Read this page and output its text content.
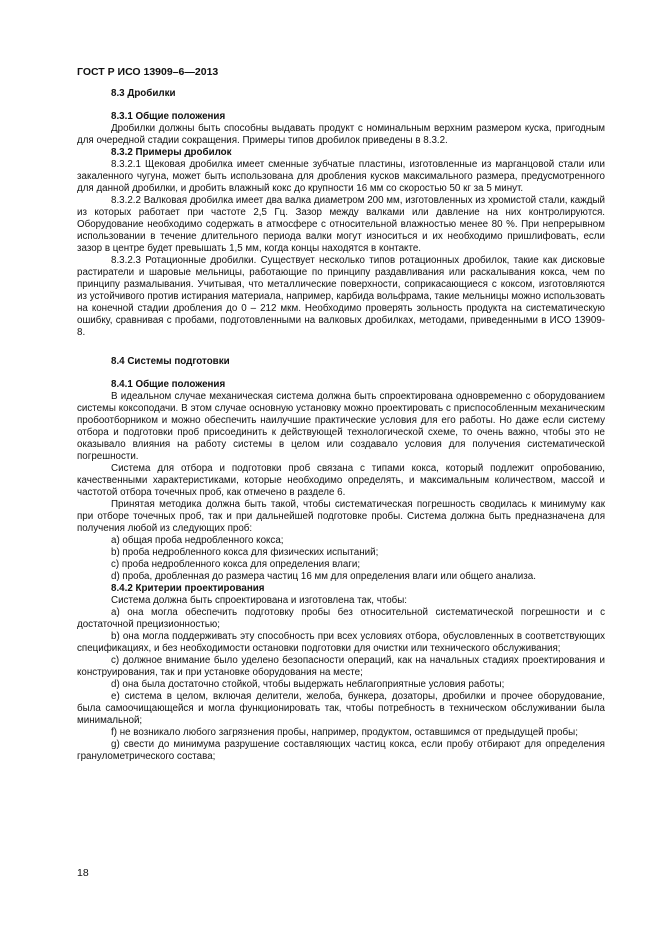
ГОСТ Р ИСО 13909–6—2013

8.3 Дробилки

8.3.1 Общие положения

Дробилки должны быть способны выдавать продукт с номинальным верхним размером куска, пригодным для очередной стадии сокращения. Примеры типов дробилок приведены в 8.3.2.

8.3.2 Примеры дробилок

8.3.2.1 Щековая дробилка имеет сменные зубчатые пластины, изготовленные из марганцовой стали или закаленного чугуна, может быть использована для дробления кусков максимального размера, предусмотренного для данной дробилки, и дробить влажный кокс до крупности 16 мм со скоростью 50 кг за 5 минут.

8.3.2.2 Валковая дробилка имеет два валка диаметром 200 мм, изготовленных из хромистой стали, каждый из которых работает при частоте 2,5 Гц. Зазор между валками или давление на них контролируются. Оборудование необходимо содержать в атмосфере с относительной влажностью менее 80 %. При непрерывном использовании в течение длительного периода валки могут износиться и их необходимо пришлифовать, если зазор в центре будет превышать 1,5 мм, когда концы находятся в контакте.

8.3.2.3 Ротационные дробилки. Существует несколько типов ротационных дробилок, такие как дисковые растиратели и шаровые мельницы, работающие по принципу раздавливания или раскалывания кокса, чем по принципу размалывания. Учитывая, что металлические поверхности, соприкасающиеся с коксом, изготовляются из устойчивого против истирания материала, например, карбида вольфрама, такие мельницы можно использовать на конечной стадии дробления до 0 – 212 мкм. Необходимо проверять зольность продукта на систематическую ошибку, сравнивая с пробами, подготовленными на валковых дробилках, методами, приведенными в ИСО 13909-8.

8.4 Системы подготовки

8.4.1 Общие положения

В идеальном случае механическая система должна быть спроектирована одновременно с оборудованием системы коксоподачи. В этом случае основную установку можно проектировать с приспособленным механическим пробоотборником и можно обеспечить наилучшие практические условия для его работы. Но даже если систему отбора и подготовки проб присоединить к действующей технологической схеме, то очень важно, чтобы это не оказывало влияния на работу системы в целом или создавало условия для получения систематической погрешности.

Система для отбора и подготовки проб связана с типами кокса, который подлежит опробованию, качественными характеристиками, которые необходимо определять, и максимальным количеством, массой и частотой отбора точечных проб, как отмечено в разделе 6.

Принятая методика должна быть такой, чтобы систематическая погрешность сводилась к минимуму как при отборе точечных проб, так и при дальнейшей подготовке пробы. Система должна быть предназначена для получения любой из следующих проб:

a) общая проба недробленного кокса;

b) проба недробленного кокса для физических испытаний;

c) проба недробленного кокса для определения влаги;

d) проба, дробленная до размера частиц 16 мм для определения влаги или общего анализа.

8.4.2 Критерии проектирования

Система должна быть спроектирована и изготовлена так, чтобы:

a) она могла обеспечить подготовку пробы без относительной систематической погрешности и с достаточной прецизионностью;

b) она могла поддерживать эту способность при всех условиях отбора, обусловленных в соответствующих спецификациях, и без необходимости остановки подготовки для очистки или технического обслуживания;

c) должное внимание было уделено безопасности операций, как на начальных стадиях проектирования и конструирования, так и при установке оборудования на месте;

d) она была достаточно стойкой, чтобы выдержать неблагоприятные условия работы;

e) система в целом, включая делители, желоба, бункера, дозаторы, дробилки и прочее оборудование, была самоочищающейся и могла функционировать так, чтобы потребность в техническом обслуживании была минимальной;

f) не возникало любого загрязнения пробы, например, продуктом, оставшимся от предыдущей пробы;

g) свести до минимума разрушение составляющих частиц кокса, если пробу отбирают для определения гранулометрического состава;

18
